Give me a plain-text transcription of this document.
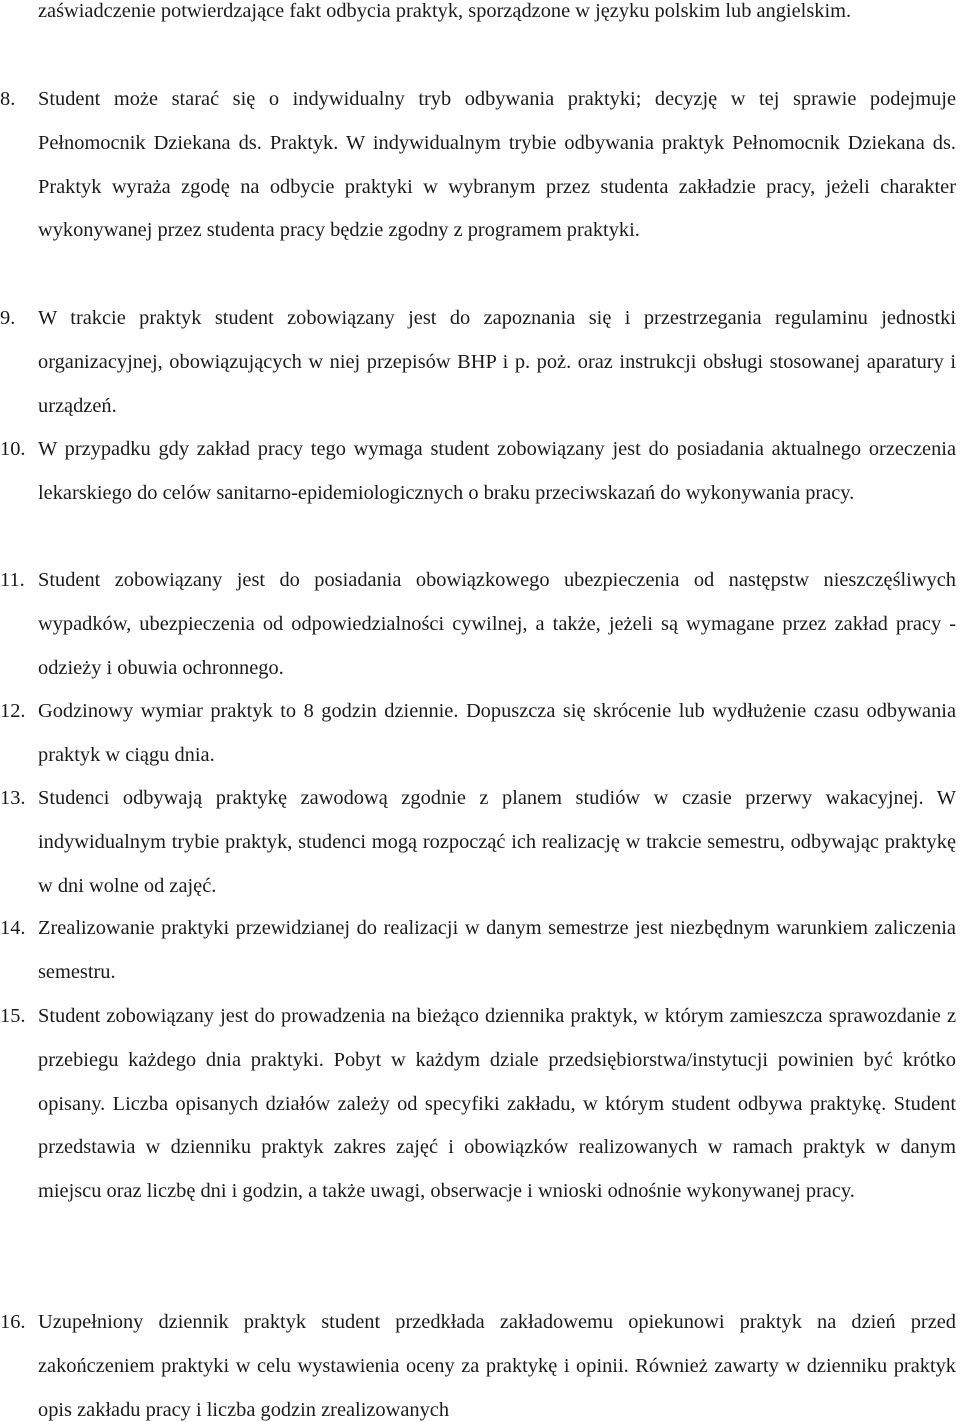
zaświadczenie potwierdzające fakt odbycia praktyk, sporządzone w języku polskim lub angielskim.

8.	Student może starać się o indywidualny tryb odbywania praktyki; decyzję w tej sprawie podejmuje Pełnomocnik Dziekana ds. Praktyk. W indywidualnym trybie odbywania praktyk Pełnomocnik Dziekana ds. Praktyk wyraża zgodę na odbycie praktyki w wybranym przez studenta zakładzie pracy, jeżeli charakter wykonywanej przez studenta pracy będzie zgodny z programem praktyki.

9.	W trakcie praktyk student zobowiązany jest do zapoznania się i przestrzegania regulaminu jednostki organizacyjnej, obowiązujących w niej przepisów BHP i p. poż. oraz instrukcji obsługi stosowanej aparatury i urządzeń.

10. W przypadku gdy zakład pracy tego wymaga student zobowiązany jest do posiadania aktualnego orzeczenia lekarskiego do celów sanitarno-epidemiologicznych o braku przeciwskazań do wykonywania pracy.

11. Student zobowiązany jest do posiadania obowiązkowego ubezpieczenia od następstw nieszczęśliwych wypadków, ubezpieczenia od odpowiedzialności cywilnej, a także, jeżeli są wymagane przez zakład pracy - odzieży i obuwia ochronnego.

12. Godzinowy wymiar praktyk to 8 godzin dziennie. Dopuszcza się skrócenie lub wydłużenie czasu odbywania praktyk w ciągu dnia.

13. Studenci odbywają praktykę zawodową zgodnie z planem studiów w czasie przerwy wakacyjnej. W indywidualnym trybie praktyk, studenci mogą rozpocząć ich realizację w trakcie semestru, odbywając praktykę w dni wolne od zajęć.

14. Zrealizowanie praktyki przewidzianej do realizacji w danym semestrze jest niezbędnym warunkiem zaliczenia semestru.

15. Student zobowiązany jest do prowadzenia na bieżąco dziennika praktyk, w którym zamieszcza sprawozdanie z przebiegu każdego dnia praktyki. Pobyt w każdym dziale przedsiębiorstwa/instytucji powinien być krótko opisany. Liczba opisanych działów zależy od specyfiki zakładu, w którym student odbywa praktykę. Student przedstawia w dzienniku praktyk zakres zajęć i obowiązków realizowanych w ramach praktyk w danym miejscu oraz liczbę dni i godzin, a także uwagi, obserwacje i wnioski odnośnie wykonywanej pracy.

16. Uzupełniony dziennik praktyk student przedkłada zakładowemu opiekunowi praktyk na dzień przed zakończeniem praktyki w celu wystawienia oceny za praktykę i opinii. Również zawarty w dzienniku praktyk opis zakładu pracy i liczba godzin zrealizowanych
